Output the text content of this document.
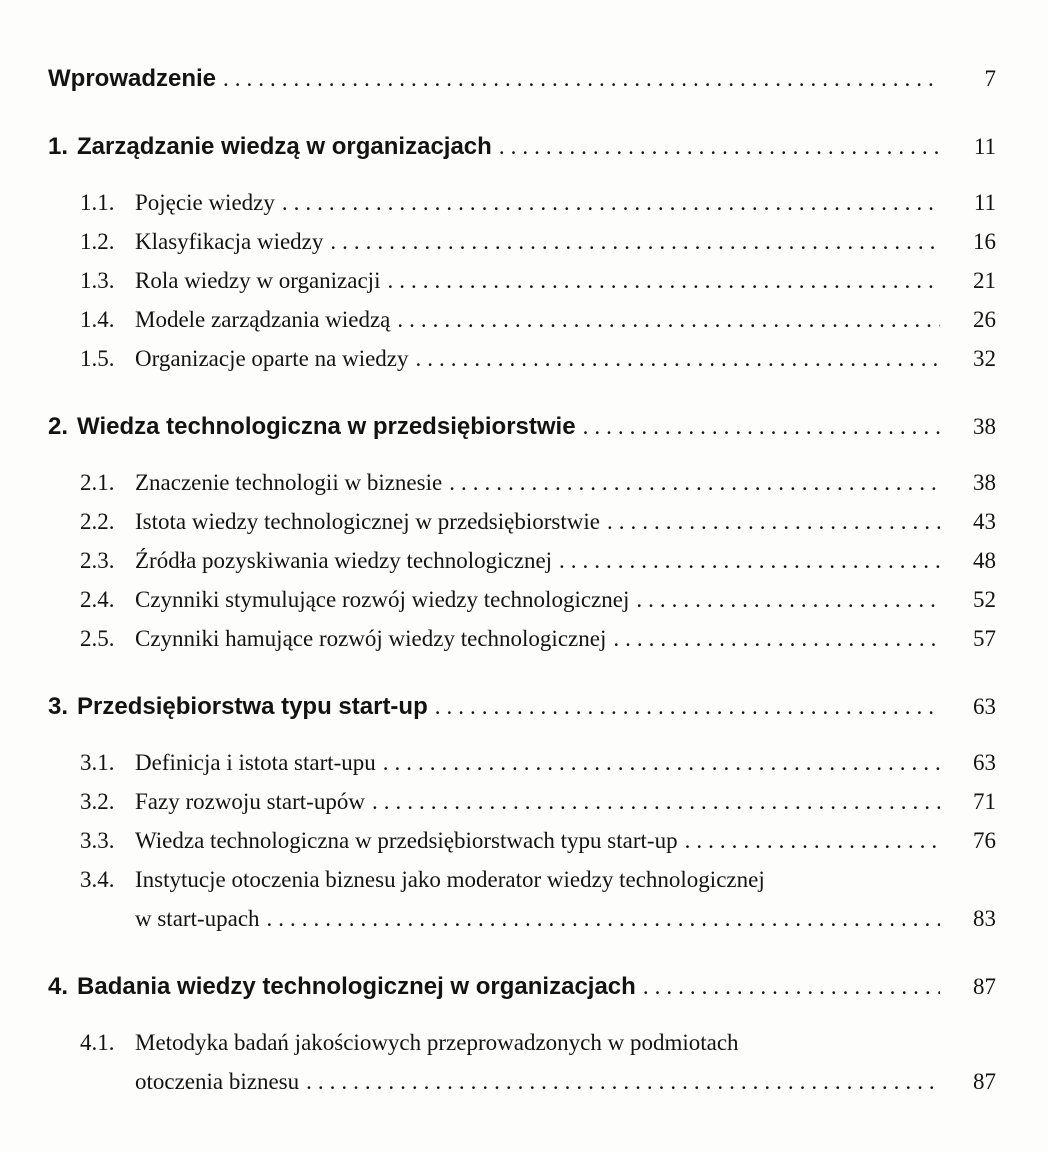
Wprowadzenie .....	7
1. Zarządzanie wiedzą w organizacjach .....	11
1.1. Pojęcie wiedzy .....	11
1.2. Klasyfikacja wiedzy .....	16
1.3. Rola wiedzy w organizacji .....	21
1.4. Modele zarządzania wiedzą .....	26
1.5. Organizacje oparte na wiedzy .....	32
2. Wiedza technologiczna w przedsiębiorstwie .....	38
2.1. Znaczenie technologii w biznesie .....	38
2.2. Istota wiedzy technologicznej w przedsiębiorstwie .....	43
2.3. Źródła pozyskiwania wiedzy technologicznej .....	48
2.4. Czynniki stymulujące rozwój wiedzy technologicznej .....	52
2.5. Czynniki hamujące rozwój wiedzy technologicznej .....	57
3. Przedsiębiorstwa typu start-up .....	63
3.1. Definicja i istota start-upu .....	63
3.2. Fazy rozwoju start-upów .....	71
3.3. Wiedza technologiczna w przedsiębiorstwach typu start-up .....	76
3.4. Instytucje otoczenia biznesu jako moderator wiedzy technologicznej
w start-upach .....	83
4. Badania wiedzy technologicznej w organizacjach .....	87
4.1. Metodyka badań jakościowych przeprowadzonych w podmiotach
otoczenia biznesu .....	87
